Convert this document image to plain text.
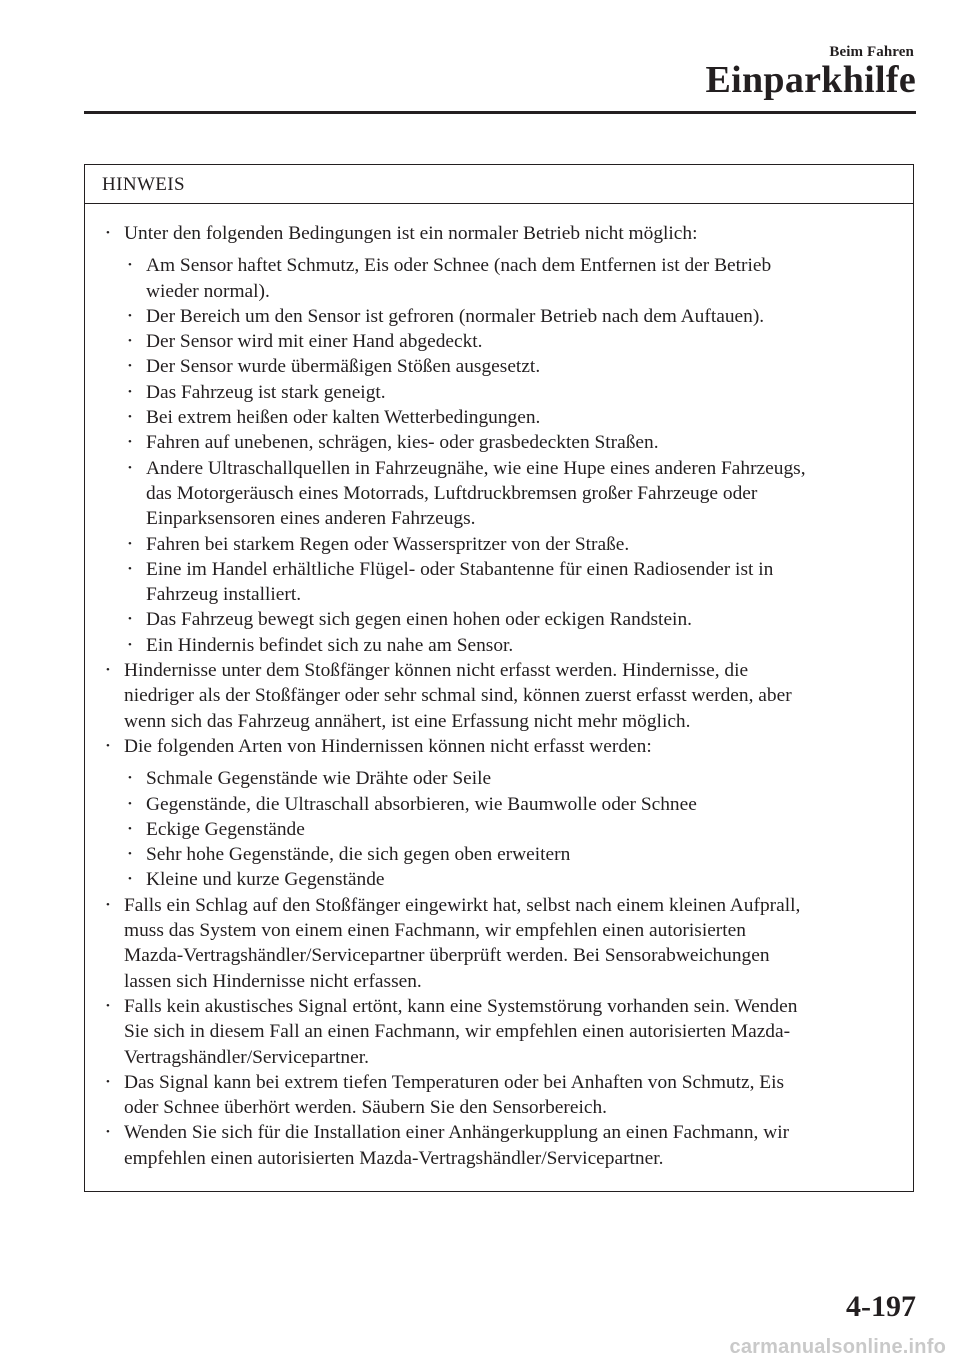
Beim Fahren
Einparkhilfe
HINWEIS
• Unter den folgenden Bedingungen ist ein normaler Betrieb nicht möglich:
• Am Sensor haftet Schmutz, Eis oder Schnee (nach dem Entfernen ist der Betrieb
wieder normal).
• Der Bereich um den Sensor ist gefroren (normaler Betrieb nach dem Auftauen).
• Der Sensor wird mit einer Hand abgedeckt.
• Der Sensor wurde übermäßigen Stößen ausgesetzt.
• Das Fahrzeug ist stark geneigt.
• Bei extrem heißen oder kalten Wetterbedingungen.
• Fahren auf unebenen, schrägen, kies- oder grasbedeckten Straßen.
• Andere Ultraschallquellen in Fahrzeugnähe, wie eine Hupe eines anderen Fahrzeugs,
das Motorgeräusch eines Motorrads, Luftdruckbremsen großer Fahrzeuge oder
Einparksensoren eines anderen Fahrzeugs.
• Fahren bei starkem Regen oder Wasserspritzer von der Straße.
• Eine im Handel erhältliche Flügel- oder Stabantenne für einen Radiosender ist in
Fahrzeug installiert.
• Das Fahrzeug bewegt sich gegen einen hohen oder eckigen Randstein.
• Ein Hindernis befindet sich zu nahe am Sensor.
• Hindernisse unter dem Stoßfänger können nicht erfasst werden. Hindernisse, die
niedriger als der Stoßfänger oder sehr schmal sind, können zuerst erfasst werden, aber
wenn sich das Fahrzeug annähert, ist eine Erfassung nicht mehr möglich.
• Die folgenden Arten von Hindernissen können nicht erfasst werden:
• Schmale Gegenstände wie Drähte oder Seile
• Gegenstände, die Ultraschall absorbieren, wie Baumwolle oder Schnee
• Eckige Gegenstände
• Sehr hohe Gegenstände, die sich gegen oben erweitern
• Kleine und kurze Gegenstände
• Falls ein Schlag auf den Stoßfänger eingewirkt hat, selbst nach einem kleinen Aufprall,
muss das System von einem einen Fachmann, wir empfehlen einen autorisierten
Mazda-Vertragshändler/Servicepartner überprüft werden. Bei Sensorabweichungen
lassen sich Hindernisse nicht erfassen.
• Falls kein akustisches Signal ertönt, kann eine Systemstörung vorhanden sein. Wenden
Sie sich in diesem Fall an einen Fachmann, wir empfehlen einen autorisierten Mazda-
Vertragshändler/Servicepartner.
• Das Signal kann bei extrem tiefen Temperaturen oder bei Anhaften von Schmutz, Eis
oder Schnee überhört werden. Säubern Sie den Sensorbereich.
• Wenden Sie sich für die Installation einer Anhängerkupplung an einen Fachmann, wir
empfehlen einen autorisierten Mazda-Vertragshändler/Servicepartner.
4-197
carmanualsonline.info
